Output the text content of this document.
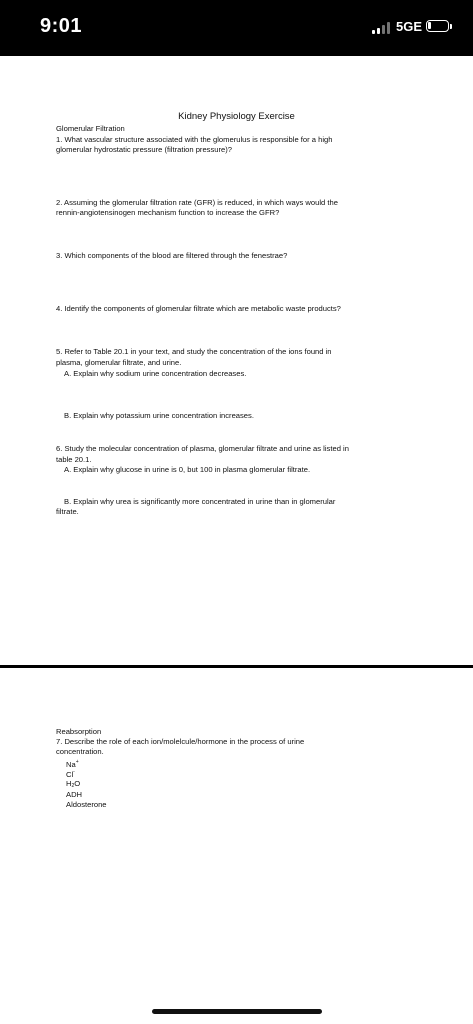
9:01	5GE
Kidney Physiology Exercise
Glomerular Filtration
1. What vascular structure associated with the glomerulus is responsible for a high
glomerular hydrostatic pressure (filtration pressure)?
2. Assuming the glomerular filtration rate (GFR) is reduced, in which ways would the
rennin-angiotensinogen mechanism function to increase the GFR?
3. Which components of the blood are filtered through the fenestrae?
4. Identify the components of glomerular filtrate which are metabolic waste products?
5. Refer to Table 20.1 in your text, and study the concentration of the ions found in
plasma, glomerular filtrate, and urine.
A. Explain why sodium urine concentration decreases.
B. Explain why potassium urine concentration increases.
6. Study the molecular concentration of plasma, glomerular filtrate and urine as listed in
table 20.1.
A. Explain why glucose in urine is 0, but 100 in plasma glomerular filtrate.
B. Explain why urea is significantly more concentrated in urine than in glomerular
filtrate.
Reabsorption
7. Describe the role of each ion/molelcule/hormone in the process of urine
concentration.
Na+
Cl-
$H_2O$
ADH
Aldosterone
